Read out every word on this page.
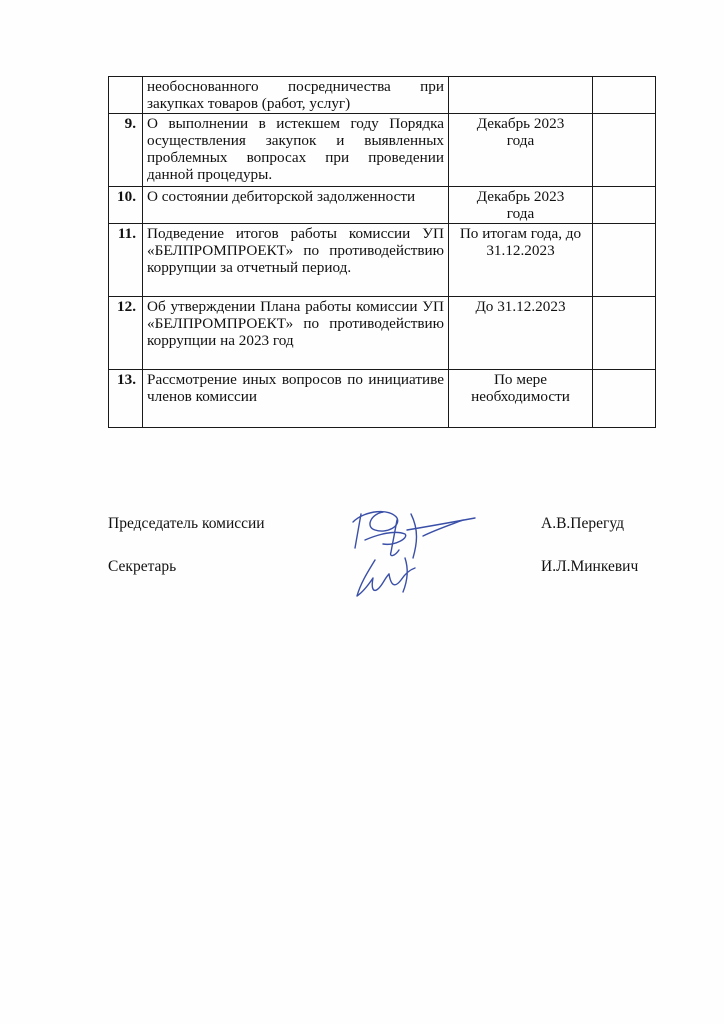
	необоснованного посредничества при закупках товаров (работ, услуг)		
9.	О выполнении в истекшем году Порядка осуществления закупок и выявленных проблемных вопросах при проведении данной процедуры.	Декабрь 2023 года	
10.	О состоянии дебиторской задолженности	Декабрь 2023 года	
11.	Подведение итогов работы комиссии УП «БЕЛПРОМПРОЕКТ» по противодействию коррупции за отчетный период.	По итогам года, до 31.12.2023	
12.	Об утверждении Плана работы комиссии УП «БЕЛПРОМПРОЕКТ» по противодействию коррупции на 2023 год	До 31.12.2023	
13.	Рассмотрение иных вопросов по инициативе членов комиссии	По мере необходимости	
Председатель комиссии	А.В.Перегуд
Секретарь	И.Л.Минкевич
